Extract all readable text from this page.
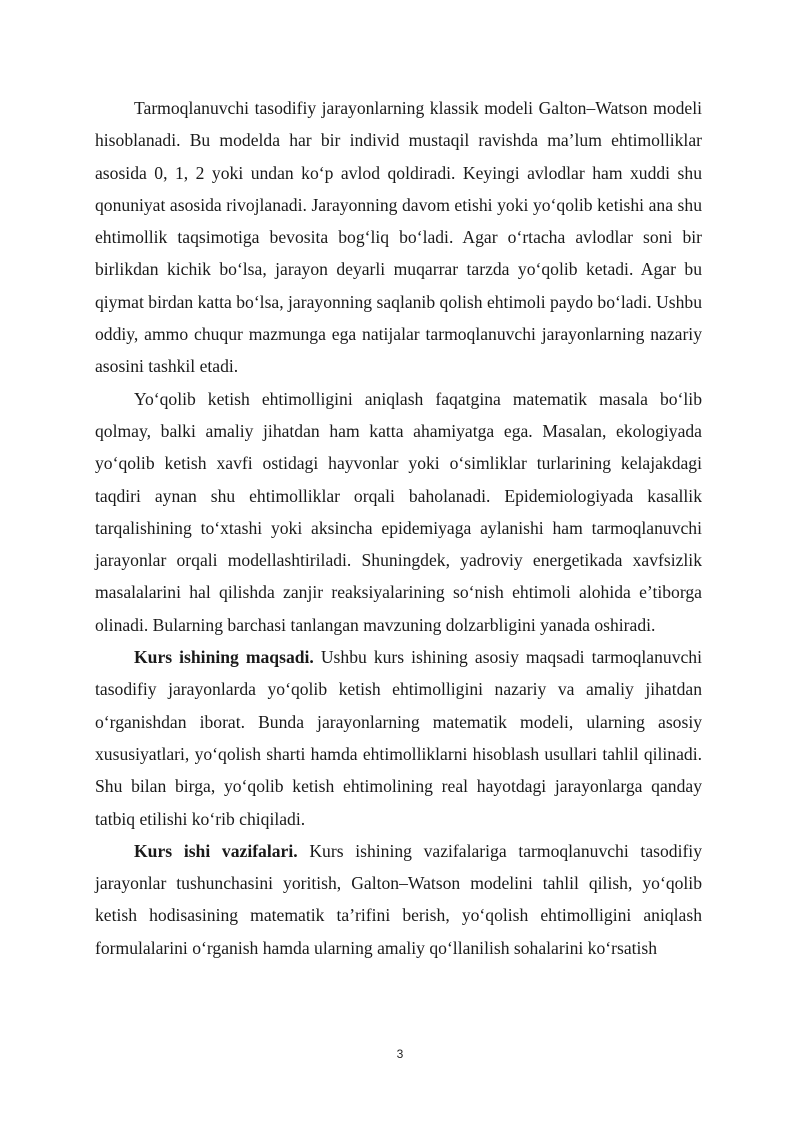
Tarmoqlanuvchi tasodifiy jarayonlarning klassik modeli Galton–Watson modeli hisoblanadi. Bu modelda har bir individ mustaqil ravishda ma’lum ehtimolliklar asosida 0, 1, 2 yoki undan ko‘p avlod qoldiradi. Keyingi avlodlar ham xuddi shu qonuniyat asosida rivojlanadi. Jarayonning davom etishi yoki yo‘qolib ketishi ana shu ehtimollik taqsimotiga bevosita bog‘liq bo‘ladi. Agar o‘rtacha avlodlar soni bir birlikdan kichik bo‘lsa, jarayon deyarli muqarrar tarzda yo‘qolib ketadi. Agar bu qiymat birdan katta bo‘lsa, jarayonning saqlanib qolish ehtimoli paydo bo‘ladi. Ushbu oddiy, ammo chuqur mazmunga ega natijalar tarmoqlanuvchi jarayonlarning nazariy asosini tashkil etadi.

Yo‘qolib ketish ehtimolligini aniqlash faqatgina matematik masala bo‘lib qolmay, balki amaliy jihatdan ham katta ahamiyatga ega. Masalan, ekologiyada yo‘qolib ketish xavfi ostidagi hayvonlar yoki o‘simliklar turlarining kelajakdagi taqdiri aynan shu ehtimolliklar orqali baholanadi. Epidemiologiyada kasallik tarqalishining to‘xtashi yoki aksincha epidemiyaga aylanishi ham tarmoqlanuvchi jarayonlar orqali modellashtiriladi. Shuningdek, yadroviy energetikada xavfsizlik masalalarini hal qilishda zanjir reaksiyalarining so‘nish ehtimoli alohida e’tiborga olinadi. Bularning barchasi tanlangan mavzuning dolzarbligini yanada oshiradi.

Kurs ishining maqsadi. Ushbu kurs ishining asosiy maqsadi tarmoqlanuvchi tasodifiy jarayonlarda yo‘qolib ketish ehtimolligini nazariy va amaliy jihatdan o‘rganishdan iborat. Bunda jarayonlarning matematik modeli, ularning asosiy xususiyatlari, yo‘qolish sharti hamda ehtimolliklarni hisoblash usullari tahlil qilinadi. Shu bilan birga, yo‘qolib ketish ehtimolining real hayotdagi jarayonlarga qanday tatbiq etilishi ko‘rib chiqiladi.

Kurs ishi vazifalari. Kurs ishining vazifalariga tarmoqlanuvchi tasodifiy jarayonlar tushunchasini yoritish, Galton–Watson modelini tahlil qilish, yo‘qolib ketish hodisasining matematik ta’rifini berish, yo‘qolish ehtimolligini aniqlash formulalarini o‘rganish hamda ularning amaliy qo‘llanilish sohalarini ko‘rsatish

3
